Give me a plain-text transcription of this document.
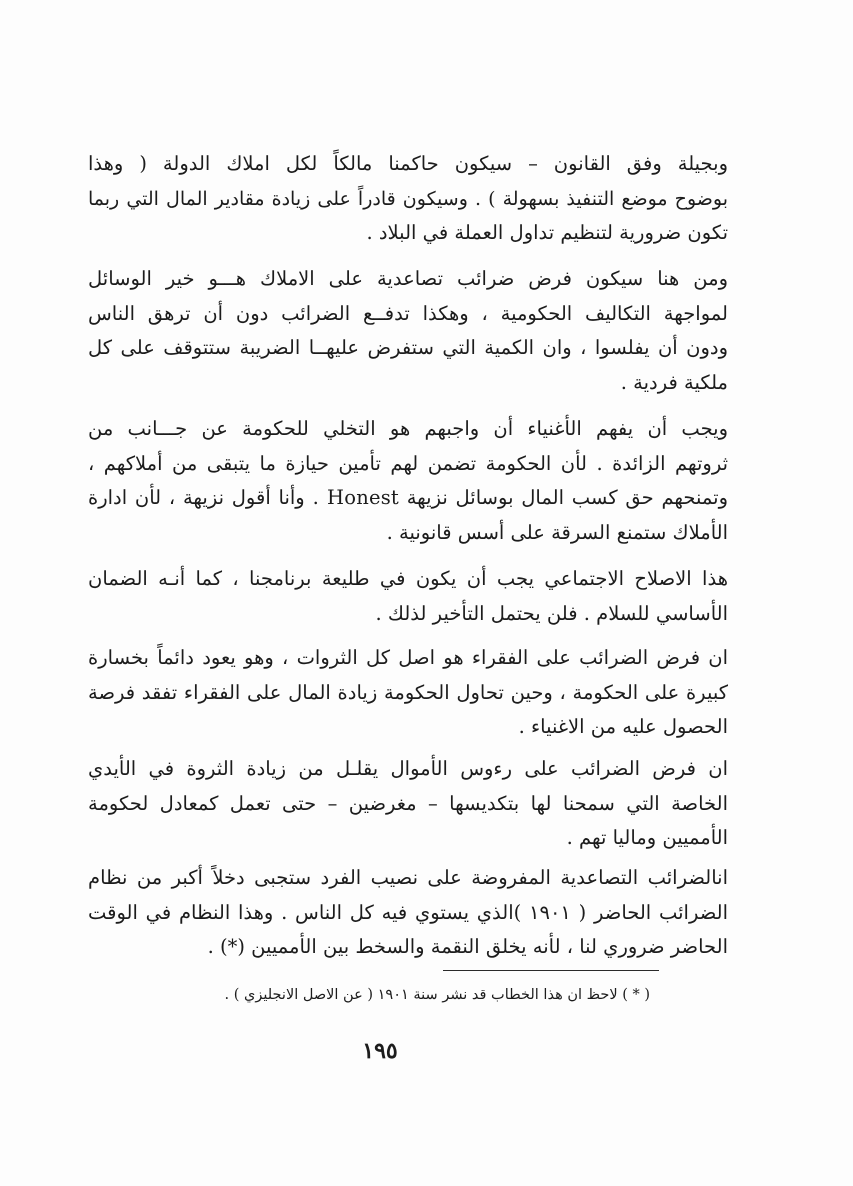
وبجيلة وفق القانون – سيكون حاكمنا مالكاً لكل املاك الدولة ( وهذا
بوضوح موضع التنفيذ بسهولة ) . وسيكون قادراً على زيادة مقادير المال التي ربما
تكون ضرورية لتنظيم تداول العملة في البلاد .
ومن هنا سيكون فرض ضرائب تصاعدية على الاملاك هـــو خير الوسائل
لمواجهة التكاليف الحكومية ، وهكذا تدفــع الضرائب دون أن ترهق الناس
ودون أن يفلسوا ، وان الكمية التي ستفرض عليهــا الضريبة ستتوقف على كل
ملكية فردية .
ويجب أن يفهم الأغنياء أن واجبهم هو التخلي للحكومة عن جـــانب من
ثروتهم الزائدة . لأن الحكومة تضمن لهم تأمين حيازة ما يتبقى من أملاكهم ،
وتمنحهم حق كسب المال بوسائل نزيهة Honest . وأنا أقول نزيهة ، لأن ادارة
الأملاك ستمنع السرقة على أسس قانونية .
هذا الاصلاح الاجتماعي يجب أن يكون في طليعة برنامجنا ، كما أنـه الضمان
الأساسي للسلام . فلن يحتمل التأخير لذلك .
ان فرض الضرائب على الفقراء هو اصل كل الثروات ، وهو يعود دائماً بخسارة
كبيرة على الحكومة ، وحين تحاول الحكومة زيادة المال على الفقراء تفقد فرصة
الحصول عليه من الاغنياء .
ان فرض الضرائب على رءوس الأموال يقلـل من زيادة الثروة في الأيدي
الخاصة التي سمحنا لها بتكديسها – مغرضين – حتى تعمل كمعادل لحكومة
الأمميين وماليا تهم .
انالضرائب التصاعدية المفروضة على نصيب الفرد ستجبى دخلاً أكبر من نظام
الضرائب الحاضر ( ١٩٠١ )الذي يستوي فيه كل الناس . وهذا النظام في الوقت
الحاضر ضروري لنا ، لأنه يخلق النقمة والسخط بين الأمميين (*) .
( * ) لاحظ ان هذا الخطاب قد نشر سنة ١٩٠١ ( عن الاصل الانجليزي ) .
١٩٥
